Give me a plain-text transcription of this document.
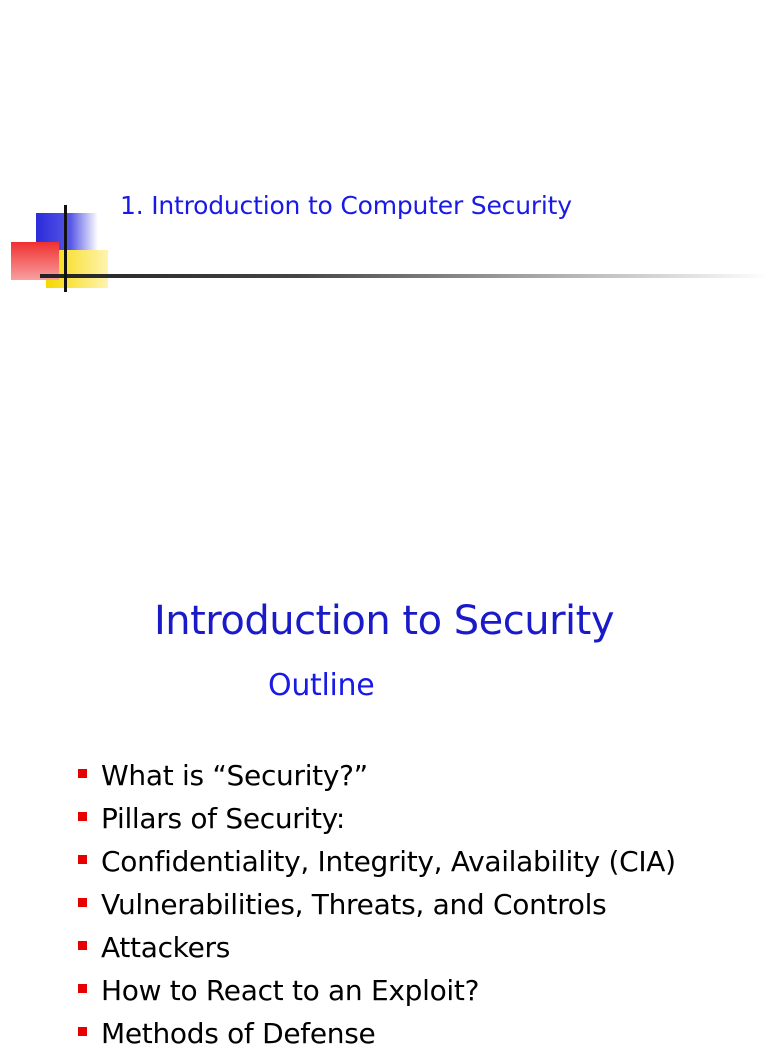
1. Introduction to Computer Security
Introduction to Security
Outline
What is “Security?”
Pillars of Security:
Confidentiality, Integrity, Availability (CIA)
Vulnerabilities, Threats, and Controls
Attackers
How to React to an Exploit?
Methods of Defense
